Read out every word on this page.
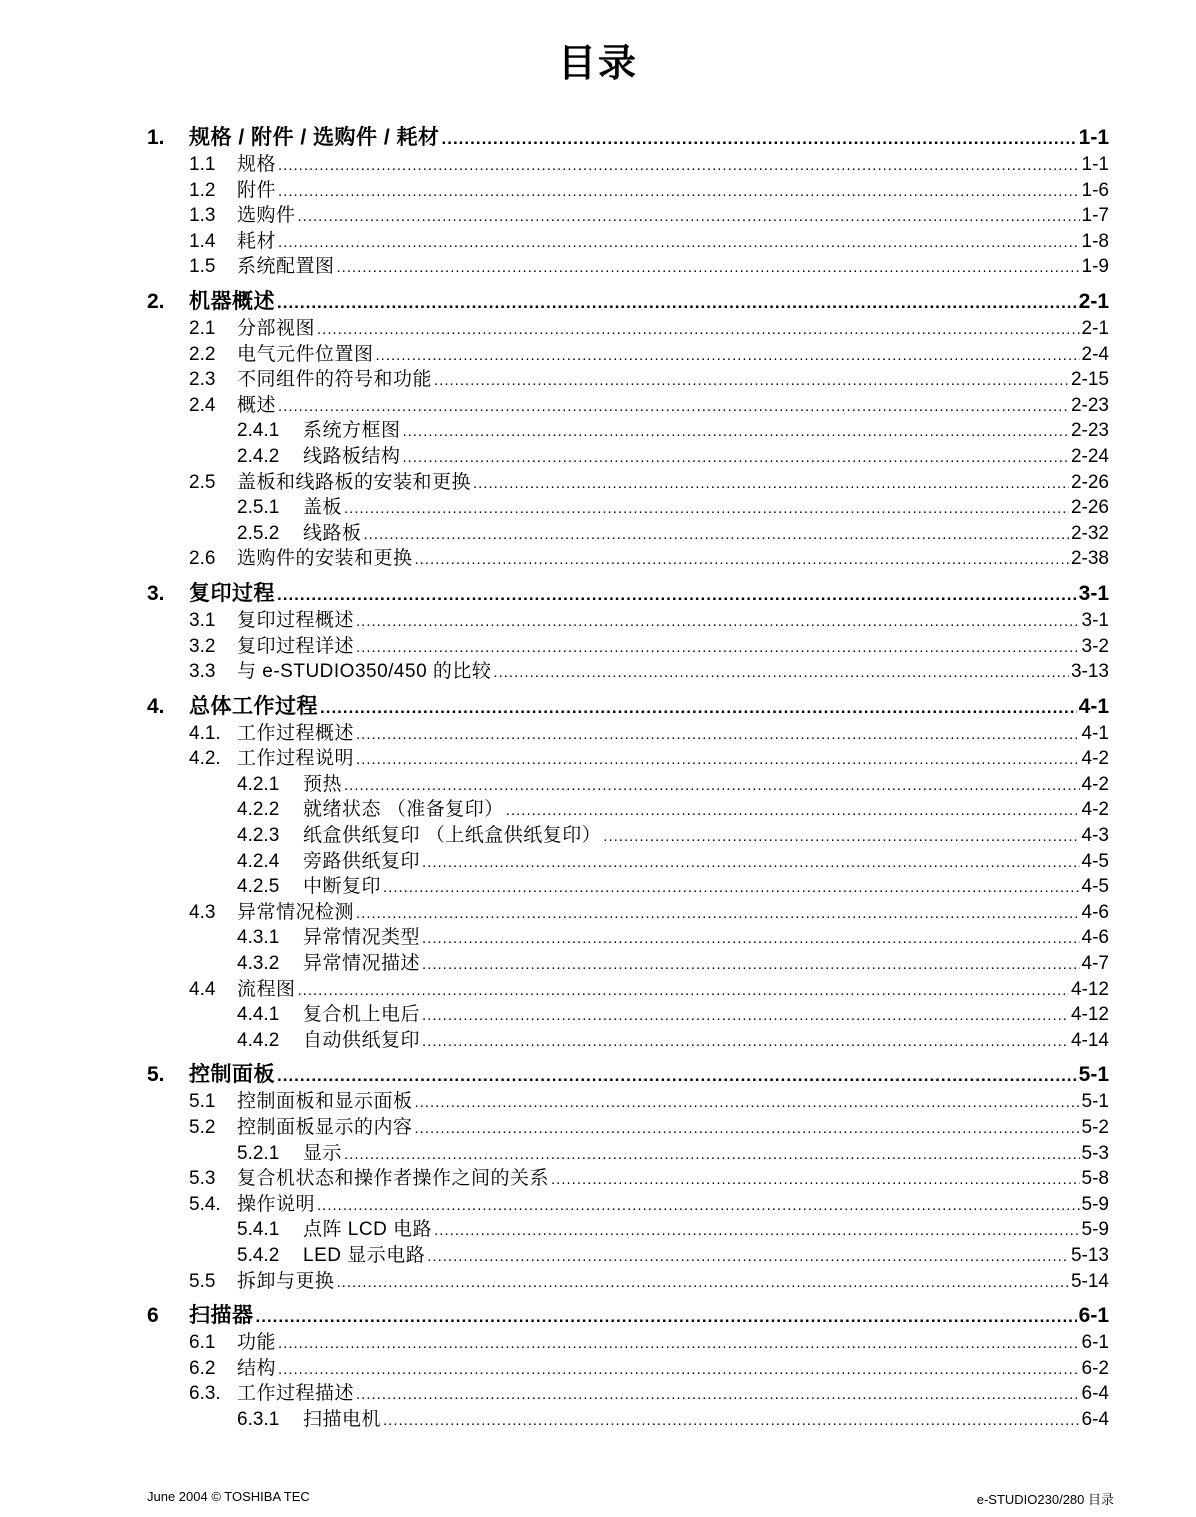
目录
1.	规格 / 附件 / 选购件 / 耗材 .....	1-1
1.1	规格 .....	1-1
1.2	附件 .....	1-6
1.3	选购件 .....	1-7
1.4	耗材 .....	1-8
1.5	系统配置图 .....	1-9
2.	机器概述 .....	2-1
2.1	分部视图 .....	2-1
2.2	电气元件位置图 .....	2-4
2.3	不同组件的符号和功能 .....	2-15
2.4	概述 .....	2-23
2.4.1	系统方框图 .....	2-23
2.4.2	线路板结构 .....	2-24
2.5	盖板和线路板的安装和更换 .....	2-26
2.5.1	盖板 .....	2-26
2.5.2	线路板 .....	2-32
2.6	选购件的安装和更换 .....	2-38
3.	复印过程 .....	3-1
3.1	复印过程概述 .....	3-1
3.2	复印过程详述 .....	3-2
3.3	与 e-STUDIO350/450 的比较 .....	3-13
4.	总体工作过程 .....	4-1
4.1. 工作过程概述 .....	4-1
4.2. 工作过程说明 .....	4-2
4.2.1	预热 .....	4-2
4.2.2	就绪状态 （准备复印） .....	4-2
4.2.3	纸盒供纸复印 （上纸盒供纸复印） .....	4-3
4.2.4	旁路供纸复印 .....	4-5
4.2.5	中断复印 .....	4-5
4.3	异常情况检测 .....	4-6
4.3.1	异常情况类型 .....	4-6
4.3.2	异常情况描述 .....	4-7
4.4	流程图 .....	4-12
4.4.1	复合机上电后 .....	4-12
4.4.2	自动供纸复印 .....	4-14
5.	控制面板 .....	5-1
5.1	控制面板和显示面板 .....	5-1
5.2	控制面板显示的内容 .....	5-2
5.2.1	显示 .....	5-3
5.3	复合机状态和操作者操作之间的关系 .....	5-8
5.4. 操作说明 .....	5-9
5.4.1	点阵 LCD 电路 .....	5-9
5.4.2	LED 显示电路 .....	5-13
5.5	拆卸与更换 .....	5-14
6	扫描器 .....	6-1
6.1	功能 .....	6-1
6.2	结构 .....	6-2
6.3. 工作过程描述 .....	6-4
6.3.1	扫描电机 .....	6-4
June 2004 © TOSHIBA TEC	e-STUDIO230/280 目录
